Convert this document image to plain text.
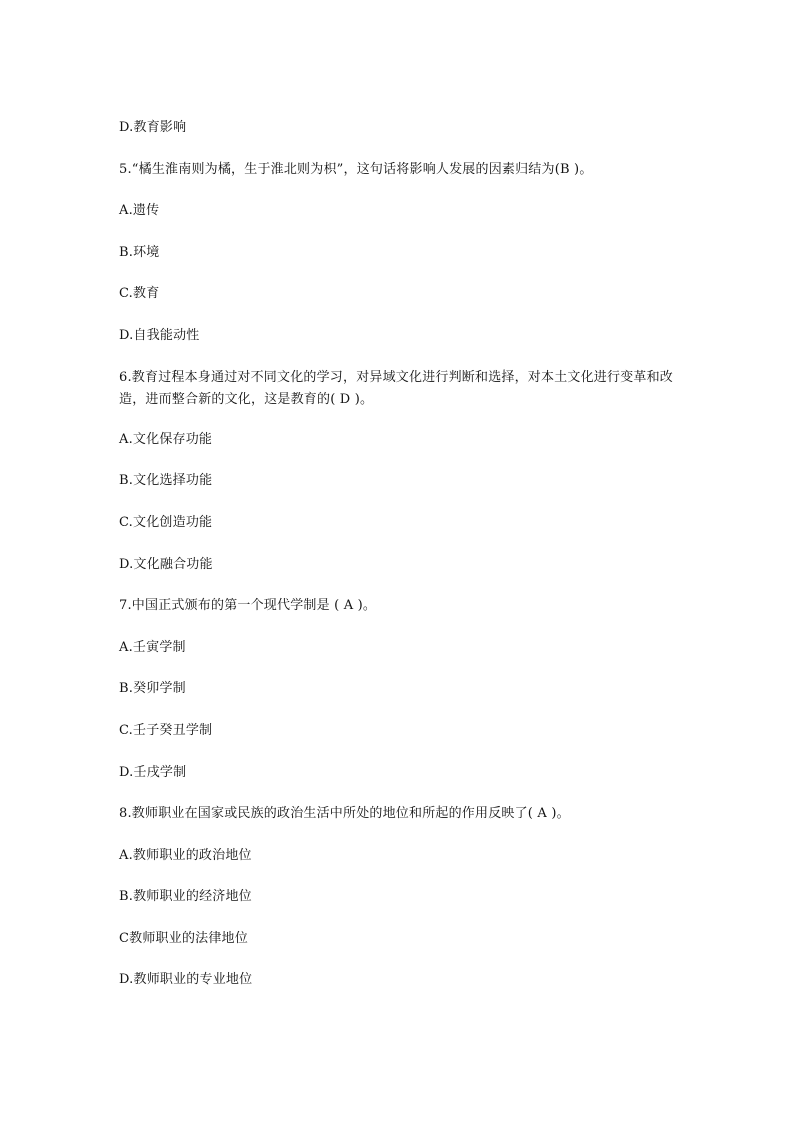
D.教育影响
5.“橘生淮南则为橘，生于淮北则为枳”，这句话将影响人发展的因素归结为(B )。
A.遗传
B.环境
C.教育
D.自我能动性
6.教育过程本身通过对不同文化的学习，对异域文化进行判断和选择，对本土文化进行变革和改造，进而整合新的文化，这是教育的( D )。
A.文化保存功能
B.文化选择功能
C.文化创造功能
D.文化融合功能
7.中国正式颁布的第一个现代学制是 ( A )。
A.壬寅学制
B.癸卯学制
C.壬子癸丑学制
D.壬戌学制
8.教师职业在国家或民族的政治生活中所处的地位和所起的作用反映了( A )。
A.教师职业的政治地位
B.教师职业的经济地位
C教师职业的法律地位
D.教师职业的专业地位
